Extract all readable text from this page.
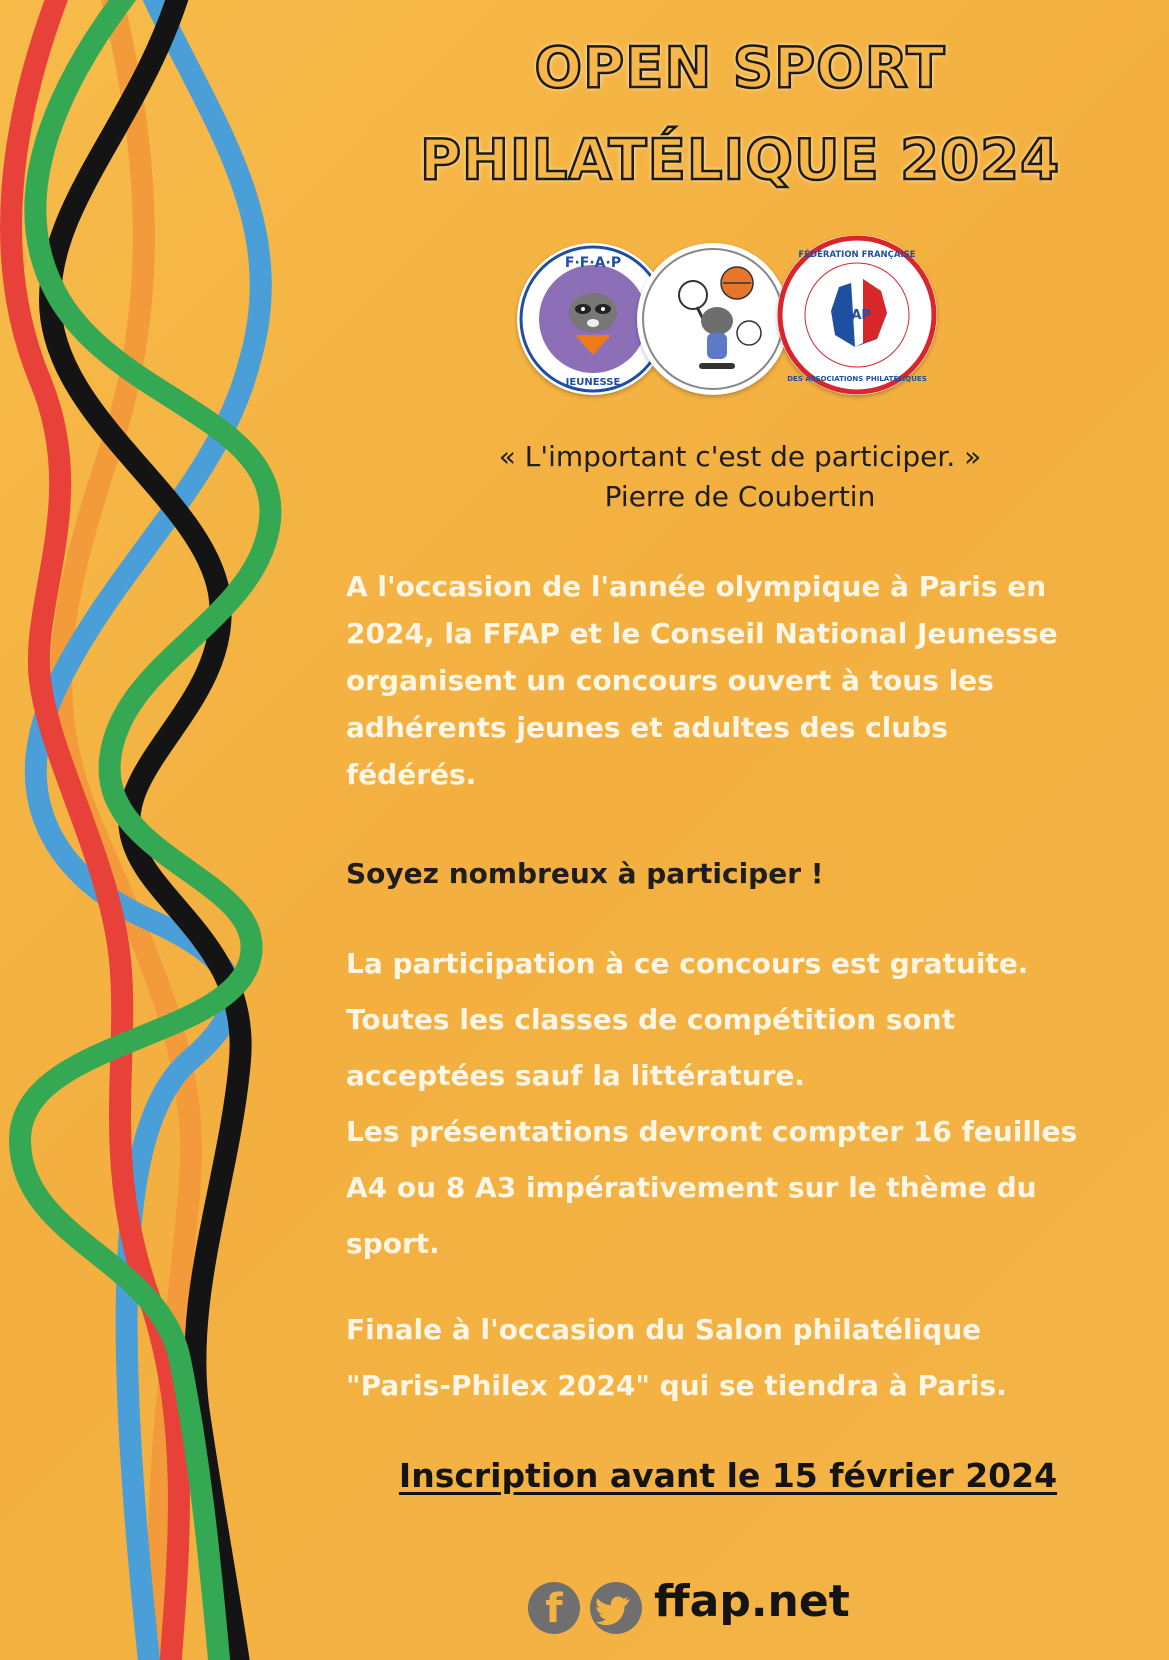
OPEN SPORT
PHILATÉLIQUE 2024
F·F·A·P
JEUNESSE
FFAP
FÉDÉRATION FRANÇAISE
DES ASSOCIATIONS PHILATÉLIQUES
« L'important c'est de participer. »
Pierre de Coubertin
A l'occasion de l'année olympique à Paris en
2024, la FFAP et le Conseil National Jeunesse
organisent un concours ouvert à tous les
adhérents jeunes et adultes des clubs
fédérés.
Soyez nombreux à participer !
La participation à ce concours est gratuite.
Toutes les classes de compétition sont
acceptées sauf la littérature.
Les présentations devront compter 16 feuilles
A4 ou 8 A3 impérativement sur le thème du
sport.
Finale à l'occasion du Salon philatélique
"Paris-Philex 2024" qui se tiendra à Paris.
Inscription avant le 15 février 2024
f	ffap.net
